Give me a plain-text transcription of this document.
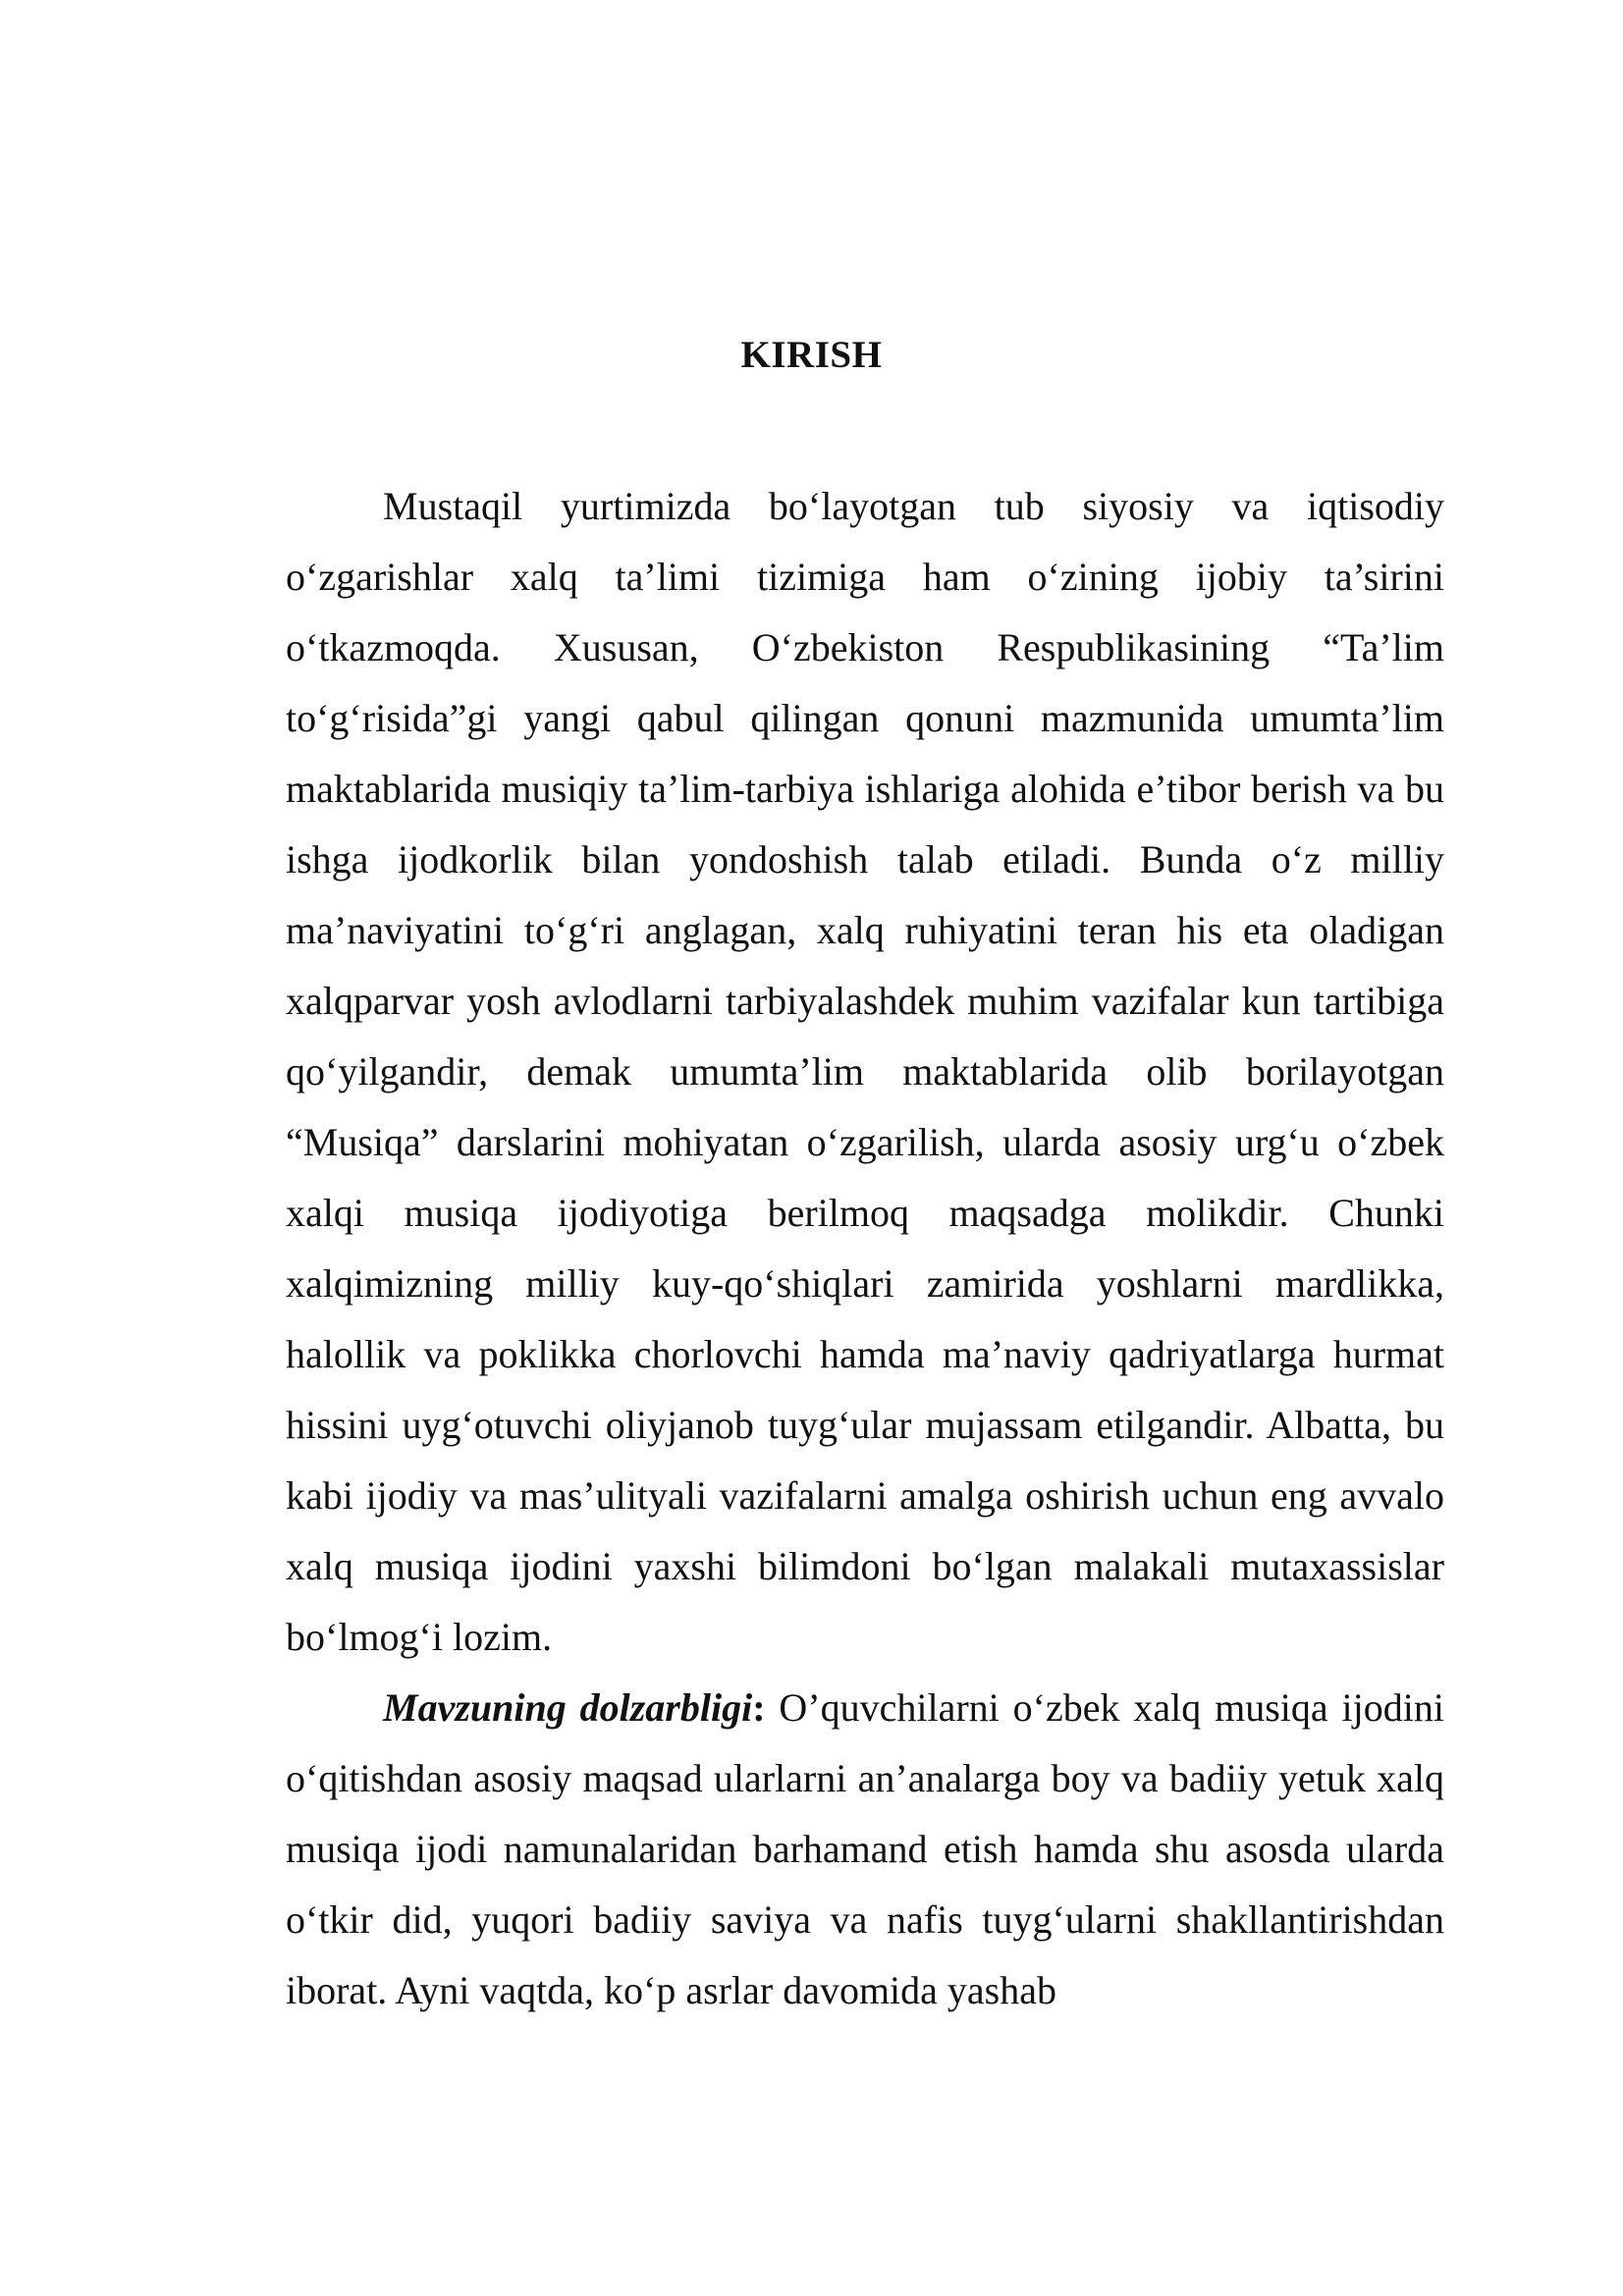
KIRISH

Mustaqil yurtimizda bo‘layotgan tub siyosiy va iqtisodiy o‘zgarishlar xalq ta’limi tizimiga ham o‘zining ijobiy ta’sirini o‘tkazmoqda. Xususan, O‘zbekiston Respublikasining “Ta’lim to‘g‘risida”gi yangi qabul qilingan qonuni mazmunida umumta’lim maktablarida musiqiy ta’lim-tarbiya ishlariga alohida e’tibor berish va bu ishga ijodkorlik bilan yondoshish talab etiladi. Bunda o‘z milliy ma’naviyatini to‘g‘ri anglagan, xalq ruhiyatini teran his eta oladigan xalqparvar yosh avlodlarni tarbiyalashdek muhim vazifalar kun tartibiga qo‘yilgandir, demak umumta’lim maktablarida olib borilayotgan “Musiqa” darslarini mohiyatan o‘zgarilish, ularda asosiy urg‘u o‘zbek xalqi musiqa ijodiyotiga berilmoq maqsadga molikdir. Chunki xalqimizning milliy kuy-qo‘shiqlari zamirida yoshlarni mardlikka, halollik va poklikka chorlovchi hamda ma’naviy qadriyatlarga hurmat hissini uyg‘otuvchi oliyjanob tuyg‘ular mujassam etilgandir. Albatta, bu kabi ijodiy va mas’ulityali vazifalarni amalga oshirish uchun eng avvalo xalq musiqa ijodini yaxshi bilimdoni bo‘lgan malakali mutaxassislar bo‘lmog‘i lozim.

Mavzuning dolzarbligi: O’quvchilarni o‘zbek xalq musiqa ijodini o‘qitishdan asosiy maqsad ularlarni an’analarga boy va badiiy yetuk xalq musiqa ijodi namunalaridan barhamand etish hamda shu asosda ularda o‘tkir did, yuqori badiiy saviya va nafis tuyg‘ularni shakllantirishdan iborat. Ayni vaqtda, ko‘p asrlar davomida yashab
